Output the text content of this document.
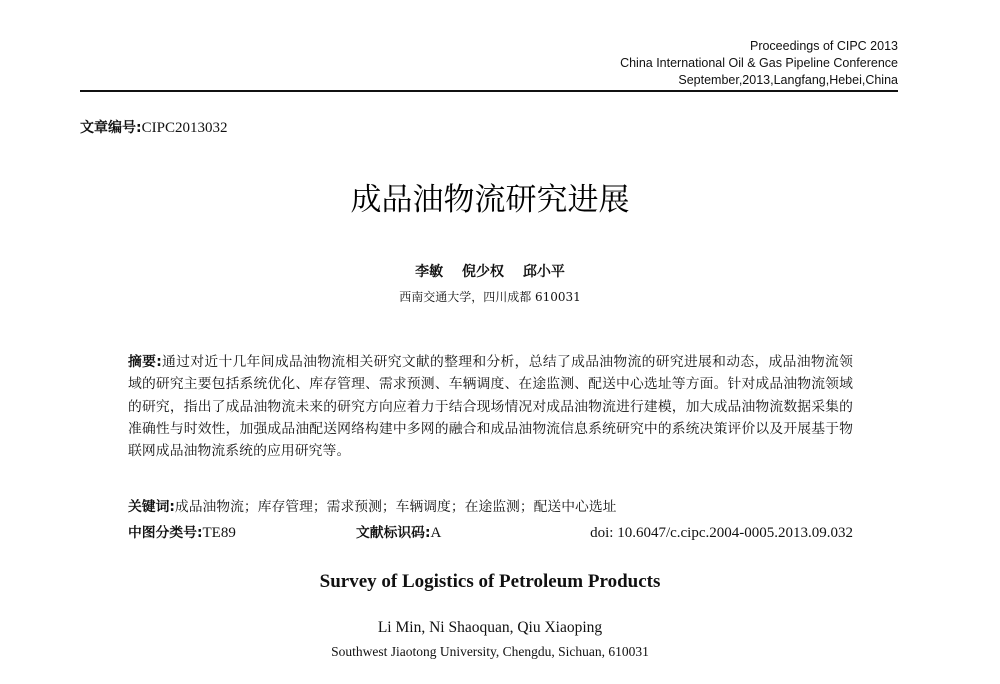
Proceedings of CIPC 2013
China International Oil & Gas Pipeline Conference
September,2013,Langfang,Hebei,China
文章编号:CIPC2013032
成品油物流研究进展
李敏 倪少权 邱小平
西南交通大学，四川成都 610031
摘要:通过对近十几年间成品油物流相关研究文献的整理和分析，总结了成品油物流的研究进展和动态，成品油物流领域的研究主要包括系统优化、库存管理、需求预测、车辆调度、在途监测、配送中心选址等方面。针对成品油物流领域的研究，指出了成品油物流未来的研究方向应着力于结合现场情况对成品油物流进行建模，加大成品油物流数据采集的准确性与时效性，加强成品油配送网络构建中多网的融合和成品油物流信息系统研究中的系统决策评价以及开展基于物联网成品油物流系统的应用研究等。
关键词:成品油物流；库存管理；需求预测；车辆调度；在途监测；配送中心选址
中图分类号:TE89	文献标识码:A	doi: 10.6047/c.cipc.2004-0005.2013.09.032
Survey of Logistics of Petroleum Products
Li Min, Ni Shaoquan, Qiu Xiaoping
Southwest Jiaotong University, Chengdu, Sichuan, 610031
